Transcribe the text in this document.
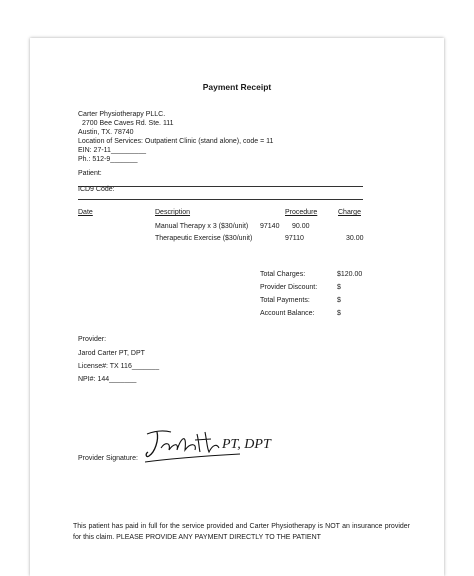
Payment Receipt
Carter Physiotherapy PLLC.
2700 Bee Caves Rd. Ste. 111
Austin, TX. 78740
Location of Services: Outpatient Clinic (stand alone), code = 11
EIN: 27-11_________
Ph.: 512-9_______
Patient:
ICD9 Code:
Date	Description	Procedure	Charge
Manual Therapy x 3 ($30/unit) 97140 90.00
Therapeutic Exercise ($30/unit)	97110	30.00
Total Charges:	$120.00
Provider Discount:	$
Total Payments:	$
Account Balance:	$
Provider:
Jarod Carter PT, DPT
License#: TX 116_______
NPI#: 144_______
PT, DPT
Provider Signature:
This patient has paid in full for the service provided and Carter Physiotherapy is NOT an insurance provider for this claim. PLEASE PROVIDE ANY PAYMENT DIRECTLY TO THE PATIENT
